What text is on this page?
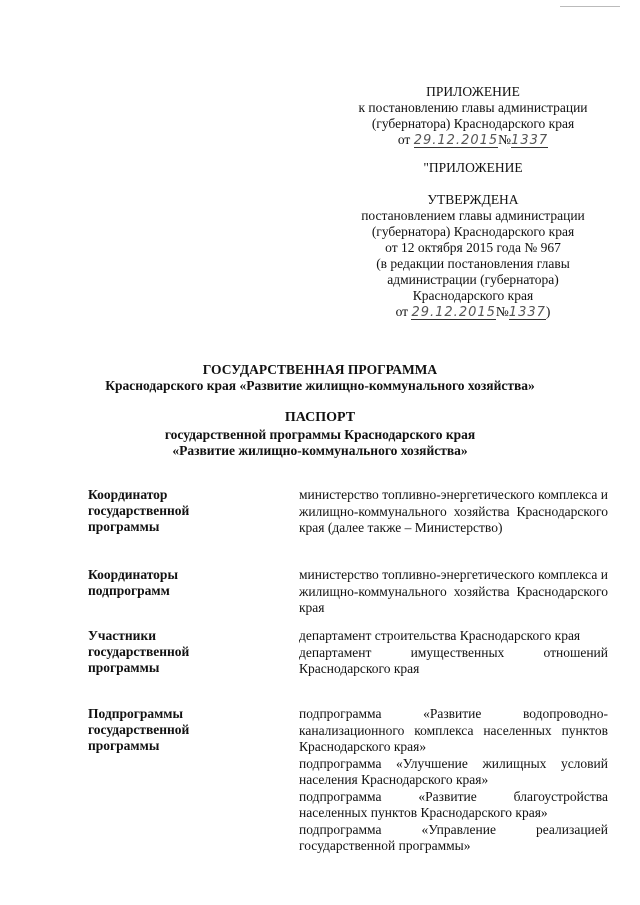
ПРИЛОЖЕНИЕ
к постановлению главы администрации
(губернатора) Краснодарского края
от 29.12.2015№1337
"ПРИЛОЖЕНИЕ
УТВЕРЖДЕНА
постановлением главы администрации
(губернатора) Краснодарского края
от 12 октября 2015 года № 967
(в редакции постановления главы
администрации (губернатора)
Краснодарского края
от 29.12.2015№1337)
ГОСУДАРСТВЕННАЯ ПРОГРАММА
Краснодарского края «Развитие жилищно-коммунального хозяйства»
ПАСПОРТ
государственной программы Краснодарского края
«Развитие жилищно-коммунального хозяйства»
Координатор
государственной
программы

министерство топливно-энергетического комплекса и жилищно-коммунального хозяйства Краснодарского края (далее также – Министерство)

Координаторы
подпрограмм

министерство топливно-энергетического комплекса и жилищно-коммунального хозяйства Краснодарского края

Участники
государственной
программы

департамент строительства Краснодарского края

департамент имущественных отношений Краснодарского края

Подпрограммы
государственной
программы

подпрограмма «Развитие водопроводно-канализационного комплекса населенных пунктов Краснодарского края»

подпрограмма «Улучшение жилищных условий населения Краснодарского края»

подпрограмма «Развитие благоустройства населенных пунктов Краснодарского края»

подпрограмма «Управление реализацией государственной программы»
